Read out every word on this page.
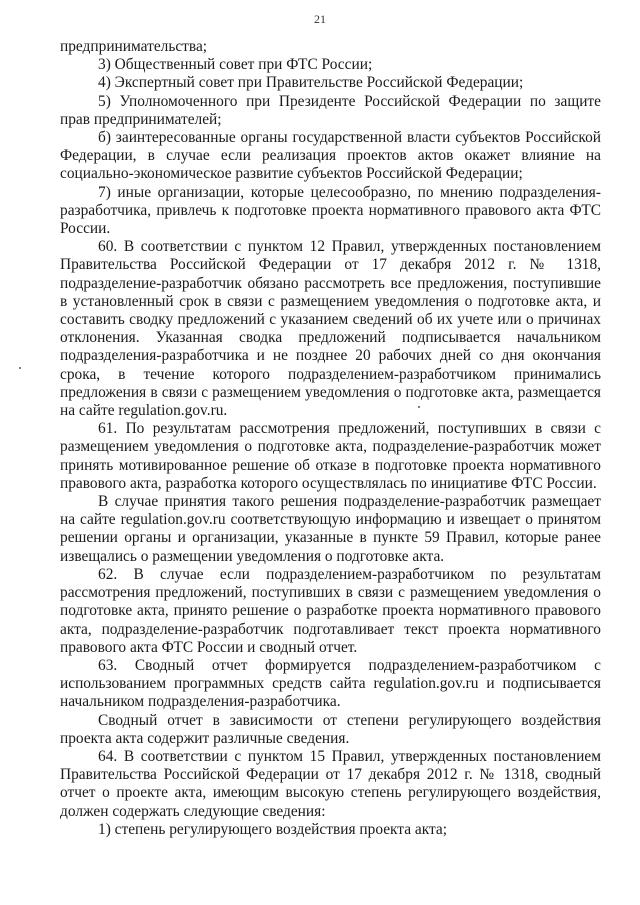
21

предпринимательства;

3) Общественный совет при ФТС России;

4) Экспертный совет при Правительстве Российской Федерации;

5) Уполномоченного при Президенте Российской Федерации по защите прав предпринимателей;

б) заинтересованные органы государственной власти субъектов Российской Федерации, в случае если реализация проектов актов окажет влияние на социально-экономическое развитие субъектов Российской Федерации;

7) иные организации, которые целесообразно, по мнению подразделения-разработчика, привлечь к подготовке проекта нормативного правового акта ФТС России.

60. В соответствии с пунктом 12 Правил, утвержденных постановлением Правительства Российской Федерации от 17 декабря 2012 г. № 1318, подразделение-разработчик обязано рассмотреть все предложения, поступившие в установленный срок в связи с размещением уведомления о подготовке акта, и составить сводку предложений с указанием сведений об их учете или о причинах отклонения. Указанная сводка предложений подписывается начальником подразделения-разработчика и не позднее 20 рабочих дней со дня окончания срока, в течение которого подразделением-разработчиком принимались предложения в связи с размещением уведомления о подготовке акта, размещается на сайте regulation.gov.ru.

61. По результатам рассмотрения предложений, поступивших в связи с размещением уведомления о подготовке акта, подразделение-разработчик может принять мотивированное решение об отказе в подготовке проекта нормативного правового акта, разработка которого осуществлялась по инициативе ФТС России.

В случае принятия такого решения подразделение-разработчик размещает на сайте regulation.gov.ru соответствующую информацию и извещает о принятом решении органы и организации, указанные в пункте 59 Правил, которые ранее извещались о размещении уведомления о подготовке акта.

62. В случае если подразделением-разработчиком по результатам рассмотрения предложений, поступивших в связи с размещением уведомления о подготовке акта, принято решение о разработке проекта нормативного правового акта, подразделение-разработчик подготавливает текст проекта нормативного правового акта ФТС России и сводный отчет.

63. Сводный отчет формируется подразделением-разработчиком с использованием программных средств сайта regulation.gov.ru и подписывается начальником подразделения-разработчика.

Сводный отчет в зависимости от степени регулирующего воздействия проекта акта содержит различные сведения.

64. В соответствии с пунктом 15 Правил, утвержденных постановлением Правительства Российской Федерации от 17 декабря 2012 г. № 1318, сводный отчет о проекте акта, имеющим высокую степень регулирующего воздействия, должен содержать следующие сведения:

1) степень регулирующего воздействия проекта акта;
